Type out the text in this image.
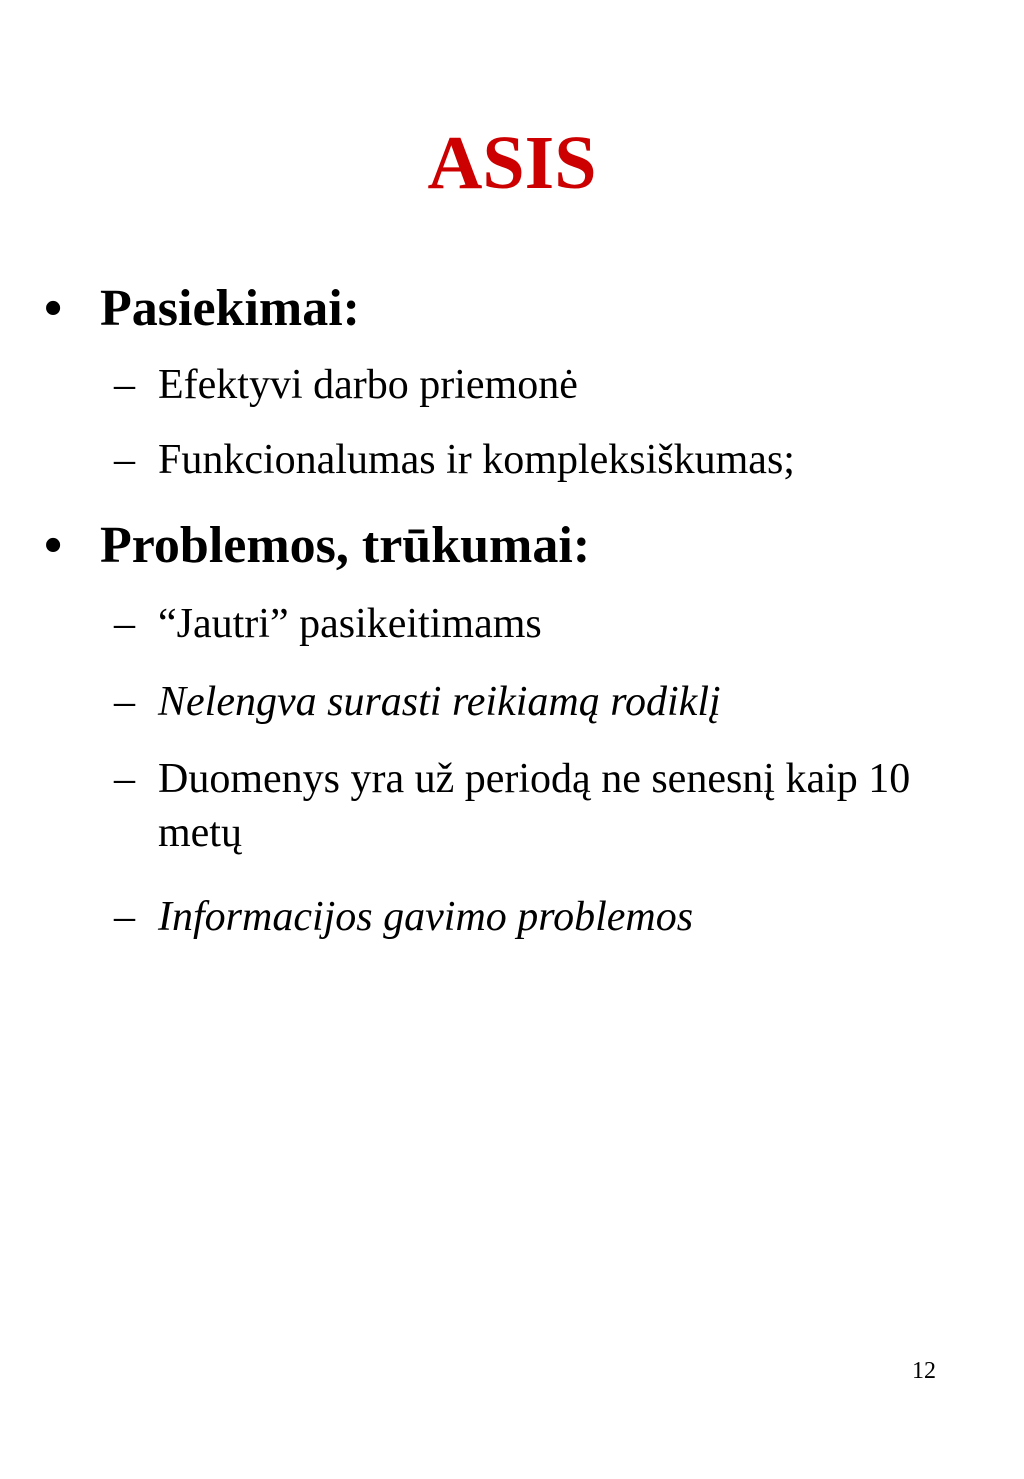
ASIS
• Pasiekimai:
– Efektyvi darbo priemonė
– Funkcionalumas ir kompleksiškumas;
• Problemos, trūkumai:
– “Jautri” pasikeitimams
– Nelengva surasti reikiamą rodiklį
– Duomenys yra už periodą ne senesnį kaip 10 metų
– Informacijos gavimo problemos
12
